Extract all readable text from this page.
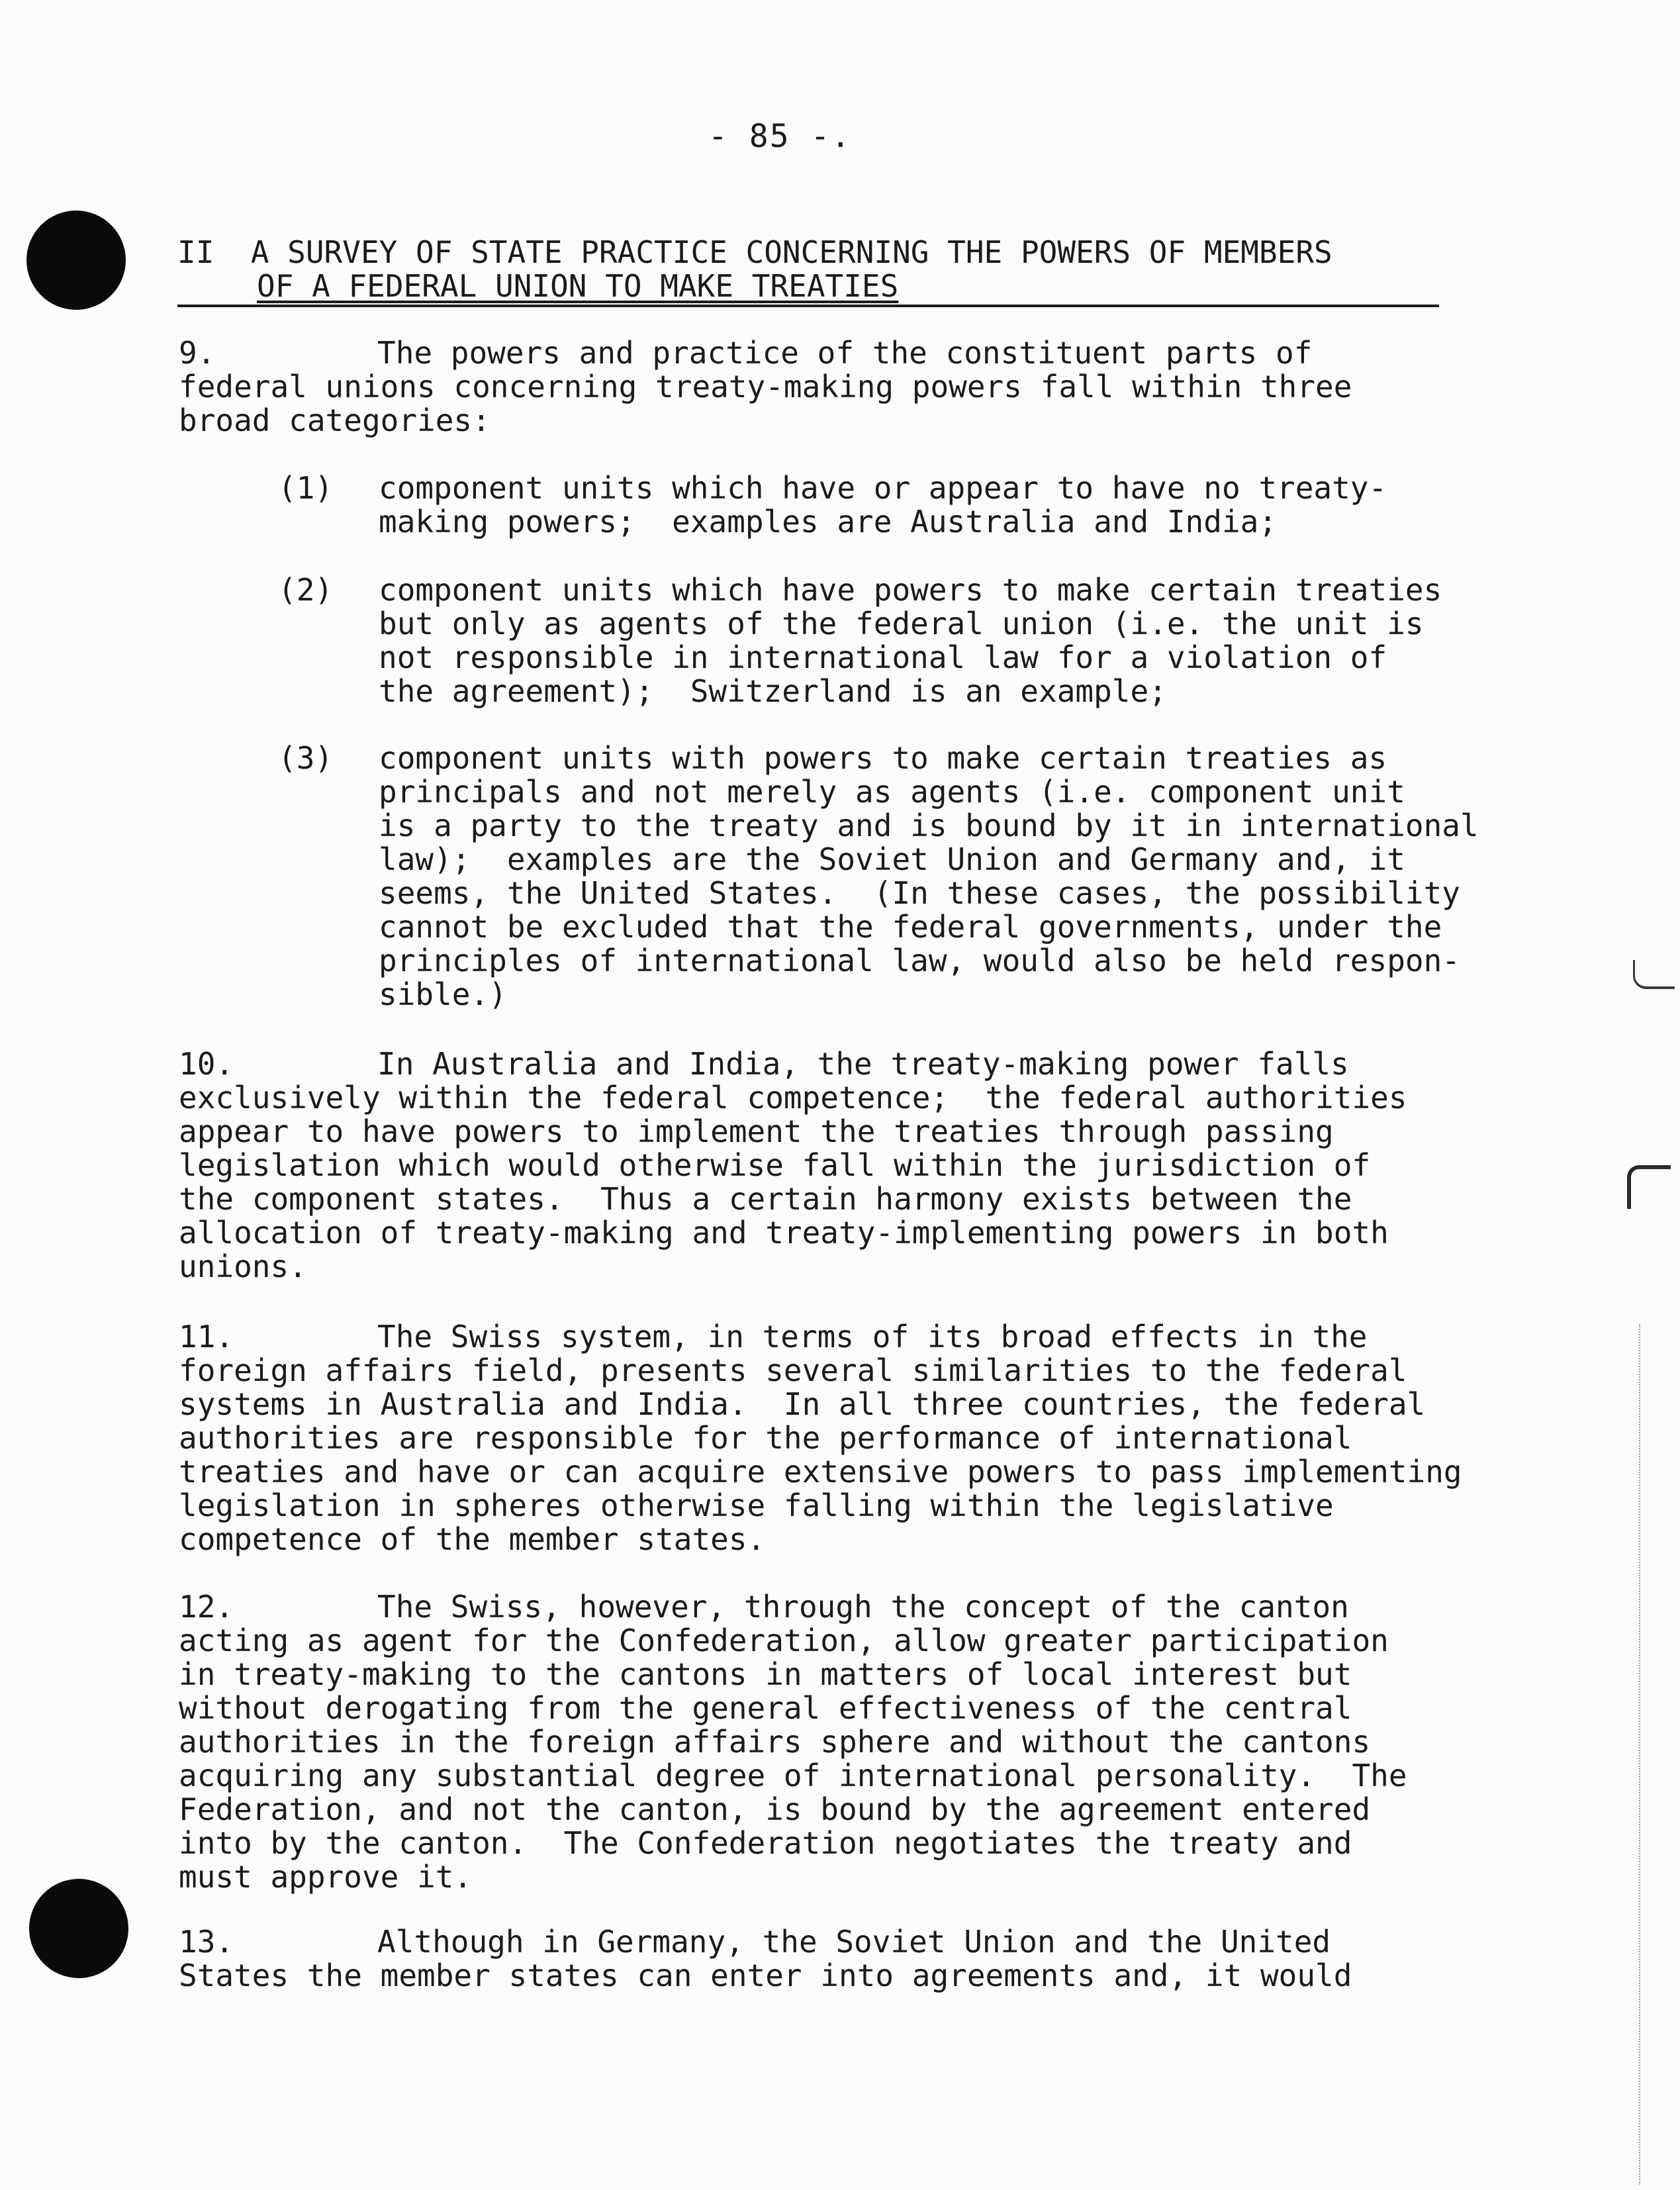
- 85 -.
II  A SURVEY OF STATE PRACTICE CONCERNING THE POWERS OF MEMBERS
OF A FEDERAL UNION TO MAKE TREATIES
9.	The powers and practice of the constituent parts of
federal unions concerning treaty-making powers fall within three
broad categories:
(1) component units which have or appear to have no treaty-
making powers;  examples are Australia and India;
(2) component units which have powers to make certain treaties
but only as agents of the federal union (i.e. the unit is
not responsible in international law for a violation of
the agreement);  Switzerland is an example;
(3) component units with powers to make certain treaties as
principals and not merely as agents (i.e. component unit
is a party to the treaty and is bound by it in international
law);  examples are the Soviet Union and Germany and, it
seems, the United States.  (In these cases, the possibility
cannot be excluded that the federal governments, under the
principles of international law, would also be held respon-
sible.)
10.	In Australia and India, the treaty-making power falls
exclusively within the federal competence;  the federal authorities
appear to have powers to implement the treaties through passing
legislation which would otherwise fall within the jurisdiction of
the component states.  Thus a certain harmony exists between the
allocation of treaty-making and treaty-implementing powers in both
unions.
11.	The Swiss system, in terms of its broad effects in the
foreign affairs field, presents several similarities to the federal
systems in Australia and India.  In all three countries, the federal
authorities are responsible for the performance of international
treaties and have or can acquire extensive powers to pass implementing
legislation in spheres otherwise falling within the legislative
competence of the member states.
12.	The Swiss, however, through the concept of the canton
acting as agent for the Confederation, allow greater participation
in treaty-making to the cantons in matters of local interest but
without derogating from the general effectiveness of the central
authorities in the foreign affairs sphere and without the cantons
acquiring any substantial degree of international personality.  The
Federation, and not the canton, is bound by the agreement entered
into by the canton.  The Confederation negotiates the treaty and
must approve it.
13.	Although in Germany, the Soviet Union and the United
States the member states can enter into agreements and, it would
